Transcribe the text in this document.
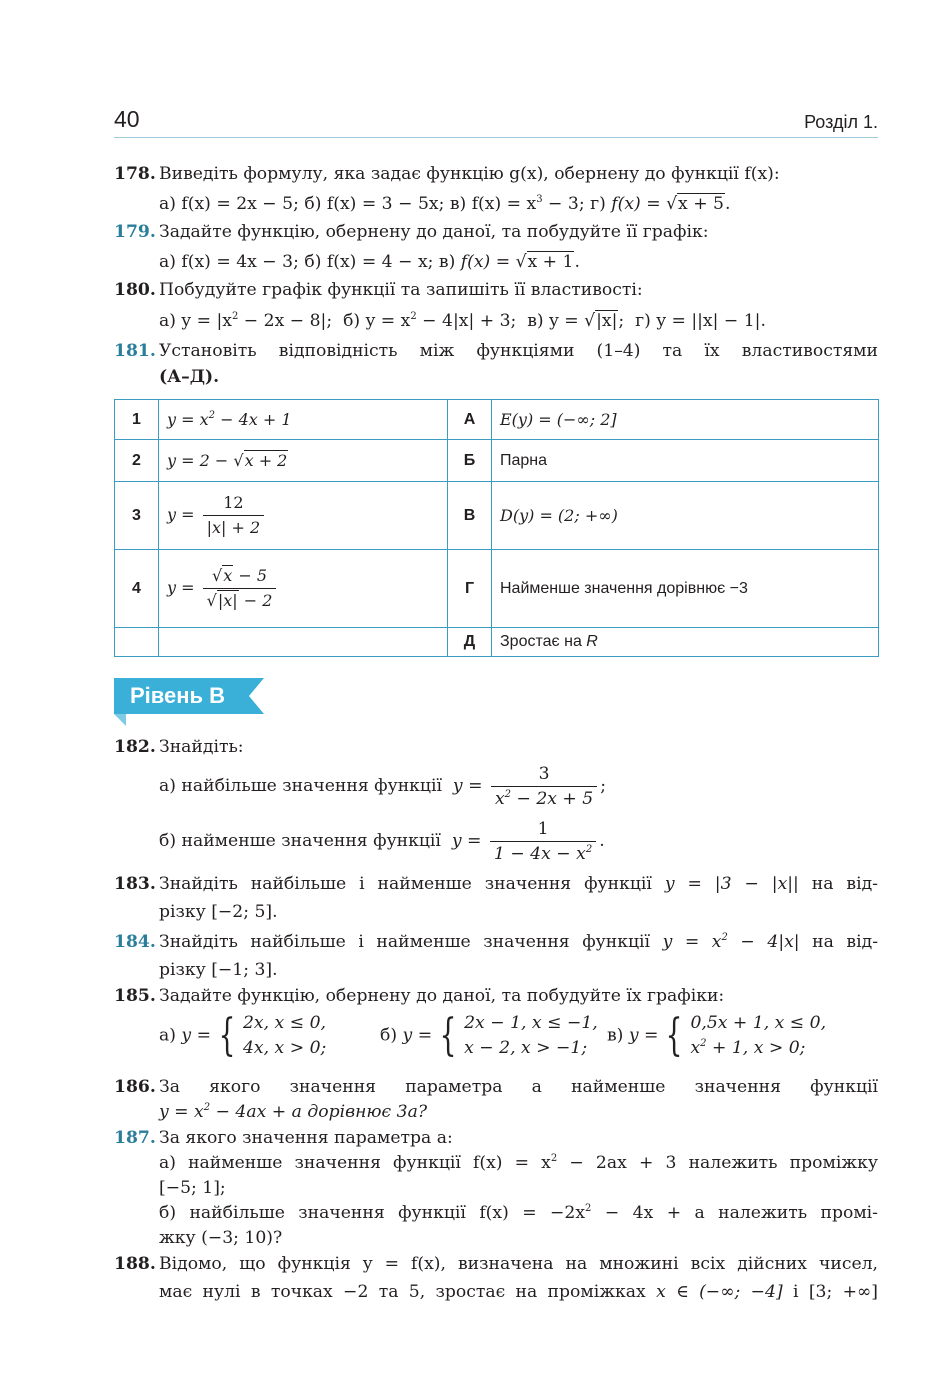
40	Розділ 1.
178. Виведіть формулу, яка задає функцію g(x), обернену до функції f(x):
а) f(x) = 2x − 5; б) f(x) = 3 − 5x; в) $f(x) = x^3 - 3$; г) f(x) = √x + 5.
179. Задайте функцію, обернену до даної, та побудуйте її графік:
а) f(x) = 4x − 3; б) f(x) = 4 − x; в) f(x) = √x + 1.
180. Побудуйте графік функції та запишіть її властивості:
а) $y = |x^2 - 2x - 8|$; б) $y = x^2 - 4|x| + 3$; в) y = √|x|; г) y = ||x| − 1|.
181. Установіть відповідність між функціями (1–4) та їх властивостями
(А–Д).
1	$y = x^2 - 4x + 1$	А	E(y) = (−∞; 2]
2	y = 2 − √x + 2	Б	Парна
3	$y = \frac{12}{|x| + 2}$	В	D(y) = (2; +∞)
4	$y = \frac{√x - 5}{√|x| - 2}$	Г	Найменше значення дорівнює −3
		Д	Зростає на R
Рівень B
182. Знайдіть:
а) найбільше значення функції $y = \frac{3}{x^2 - 2x + 5}$ ;
б) найменше значення функції $y = \frac{1}{1 - 4x - x^2}$ .
183. Знайдіть найбільше і найменше значення функції y = |3 − |x|| на від-
різку [−2; 5].
184. Знайдіть найбільше і найменше значення функції $y = x^2 - 4|x|$ на від-
різку [−1; 3].
185. Задайте функцію, обернену до даної, та побудуйте їх графіки:
а) y = { 2x, x ≤ 0,
4x, x > 0;
б) y = { 2x − 1, x ≤ −1,
x − 2, x > −1;
в) y = { 0,5x + 1, x ≤ 0,
$x^2 + 1$, x > 0;
186. За якого значення параметра a найменше значення функції
$y = x^2 - 4ax + a$ дорівнює 3a?
187. За якого значення параметра a:
а) найменше значення функції $f(x) = x^2 - 2ax + 3$ належить проміжку
[−5; 1];
б) найбільше значення функції $f(x) = -2x^2 - 4x + a$ належить промі-
жку (−3; 10)?
188. Відомо, що функція y = f(x), визначена на множині всіх дійсних чисел,
має нулі в точках −2 та 5, зростає на проміжках x ∈ (−∞; −4] і [3; +∞]
